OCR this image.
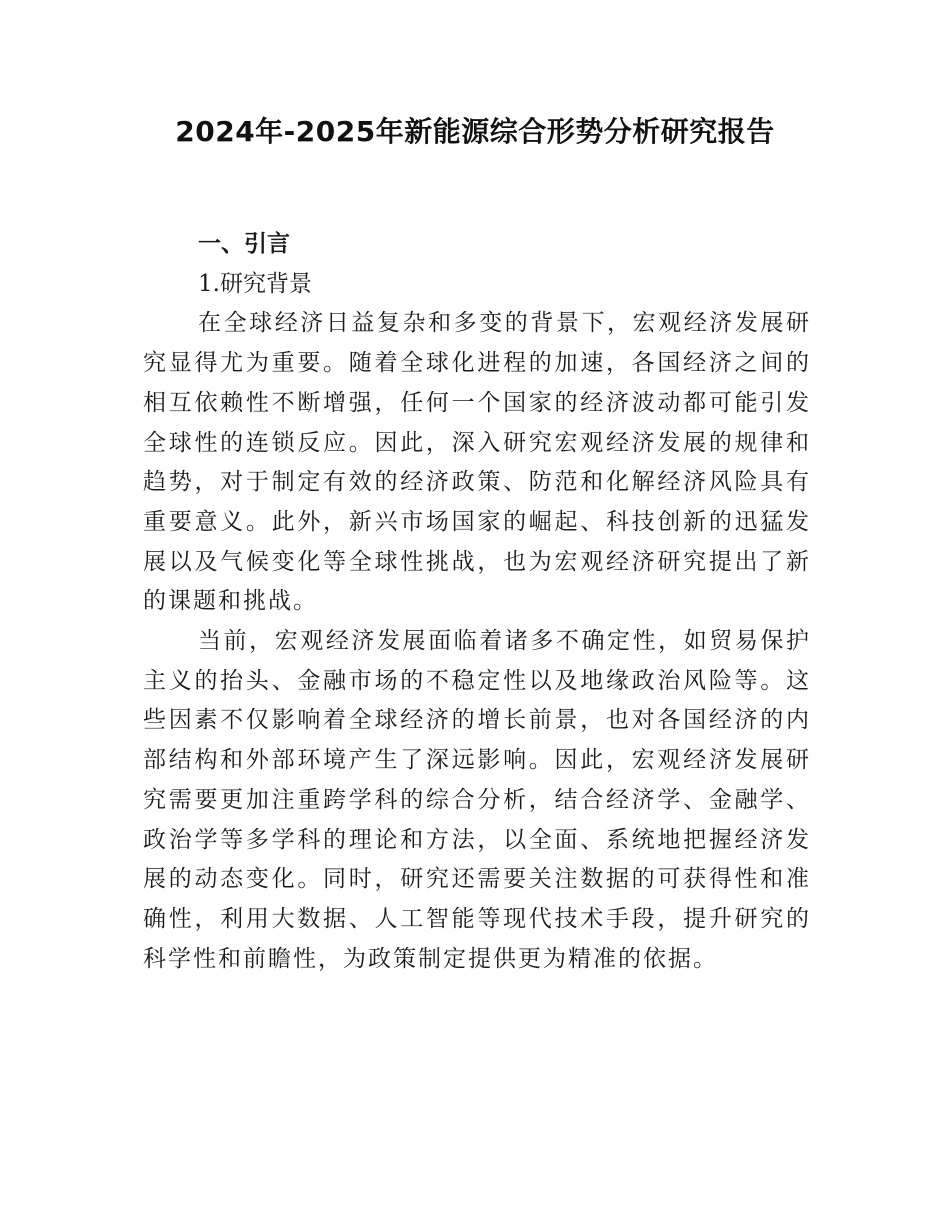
2024年-2025年新能源综合形势分析研究报告

一、引言

1.研究背景

在全球经济日益复杂和多变的背景下，宏观经济发展研究显得尤为重要。随着全球化进程的加速，各国经济之间的相互依赖性不断增强，任何一个国家的经济波动都可能引发全球性的连锁反应。因此，深入研究宏观经济发展的规律和趋势，对于制定有效的经济政策、防范和化解经济风险具有重要意义。此外，新兴市场国家的崛起、科技创新的迅猛发展以及气候变化等全球性挑战，也为宏观经济研究提出了新的课题和挑战。

当前，宏观经济发展面临着诸多不确定性，如贸易保护主义的抬头、金融市场的不稳定性以及地缘政治风险等。这些因素不仅影响着全球经济的增长前景，也对各国经济的内部结构和外部环境产生了深远影响。因此，宏观经济发展研究需要更加注重跨学科的综合分析，结合经济学、金融学、政治学等多学科的理论和方法，以全面、系统地把握经济发展的动态变化。同时，研究还需要关注数据的可获得性和准确性，利用大数据、人工智能等现代技术手段，提升研究的科学性和前瞻性，为政策制定提供更为精准的依据。
